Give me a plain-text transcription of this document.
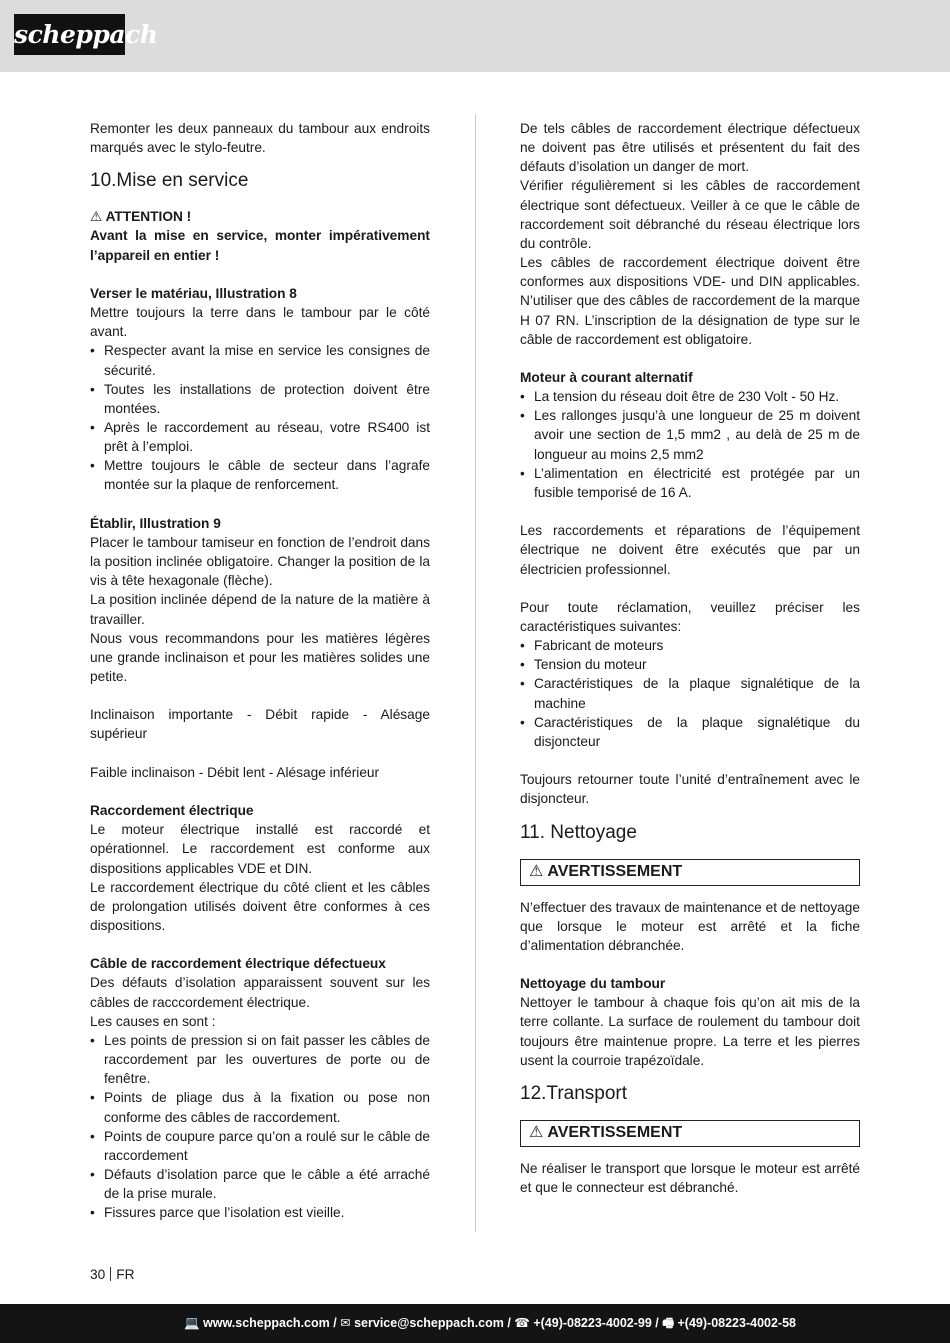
scheppach

Remonter les deux panneaux du tambour aux endroits marqués avec le stylo-feutre.

10.Mise en service

⚠ ATTENTION !

Avant la mise en service, monter impérativement l’appareil en entier !

Verser le matériau, Illustration 8

Mettre toujours la terre dans le tambour par le côté avant.

• Respecter avant la mise en service les consignes de sécurité.
• Toutes les installations de protection doivent être montées.
• Après le raccordement au réseau, votre RS400 ist prêt à l’emploi.
• Mettre toujours le câble de secteur dans l’agrafe montée sur la plaque de renforcement.

Établir, Illustration 9

Placer le tambour tamiseur en fonction de l’endroit dans la position inclinée obligatoire. Changer la position de la vis à tête hexagonale (flèche).

La position inclinée dépend de la nature de la matière à travailler.

Nous vous recommandons pour les matières légères une grande inclinaison et pour les matières solides une petite.

Inclinaison importante - Débit rapide - Alésage supérieur

Faible inclinaison - Débit lent - Alésage inférieur

Raccordement électrique

Le moteur électrique installé est raccordé et opérationnel. Le raccordement est conforme aux dispositions applicables VDE et DIN.

Le raccordement électrique du côté client et les câbles de prolongation utilisés doivent être conformes à ces dispositions.

Câble de raccordement électrique défectueux

Des défauts d’isolation apparaissent souvent sur les câbles de racccordement électrique.

Les causes en sont :

• Les points de pression si on fait passer les câbles de raccordement par les ouvertures de porte ou de fenêtre.
• Points de pliage dus à la fixation ou pose non conforme des câbles de raccordement.
• Points de coupure parce qu’on a roulé sur le câble de raccordement
• Défauts d’isolation parce que le câble a été arraché de la prise murale.
• Fissures parce que l’isolation est vieille.

De tels câbles de raccordement électrique défectueux ne doivent pas être utilisés et présentent du fait des défauts d’isolation un danger de mort.

Vérifier régulièrement si les câbles de raccordement électrique sont défectueux. Veiller à ce que le câble de raccordement soit débranché du réseau électrique lors du contrôle.

Les câbles de raccordement électrique doivent être conformes aux dispositions VDE- und DIN applicables. N’utiliser que des câbles de raccordement de la marque H 07 RN. L’inscription de la désignation de type sur le câble de raccordement est obligatoire.

Moteur à courant alternatif

• La tension du réseau doit être de 230 Volt - 50 Hz.
• Les rallonges jusqu’à une longueur de 25 m doivent avoir une section de 1,5 mm2 , au delà de 25 m de longueur au moins 2,5 mm2
• L’alimentation en électricité est protégée par un fusible temporisé de 16 A.

Les raccordements et réparations de l’équipement électrique ne doivent être exécutés que par un électricien professionnel.

Pour toute réclamation, veuillez préciser les caractéristiques suivantes:

• Fabricant de moteurs
• Tension du moteur
• Caractéristiques de la plaque signalétique de la machine
• Caractéristiques de la plaque signalétique du disjoncteur

Toujours retourner toute l’unité d’entraînement avec le disjoncteur.

11. Nettoyage
⚠ AVERTISSEMENT

N’effectuer des travaux de maintenance et de nettoyage que lorsque le moteur est arrêté et la fiche d’alimentation débranchée.

Nettoyage du tambour

Nettoyer le tambour à chaque fois qu’on ait mis de la terre collante. La surface de roulement du tambour doit toujours être maintenue propre. La terre et les pierres usent la courroie trapézoïdale.

12.Transport
⚠ AVERTISSEMENT

Ne réaliser le transport que lorsque le moteur est arrêté et que le connecteur est débranché.

30 FR
💻 www.scheppach.com / ✉ service@scheppach.com / ☎ +(49)-08223-4002-99 / 🖷 +(49)-08223-4002-58
